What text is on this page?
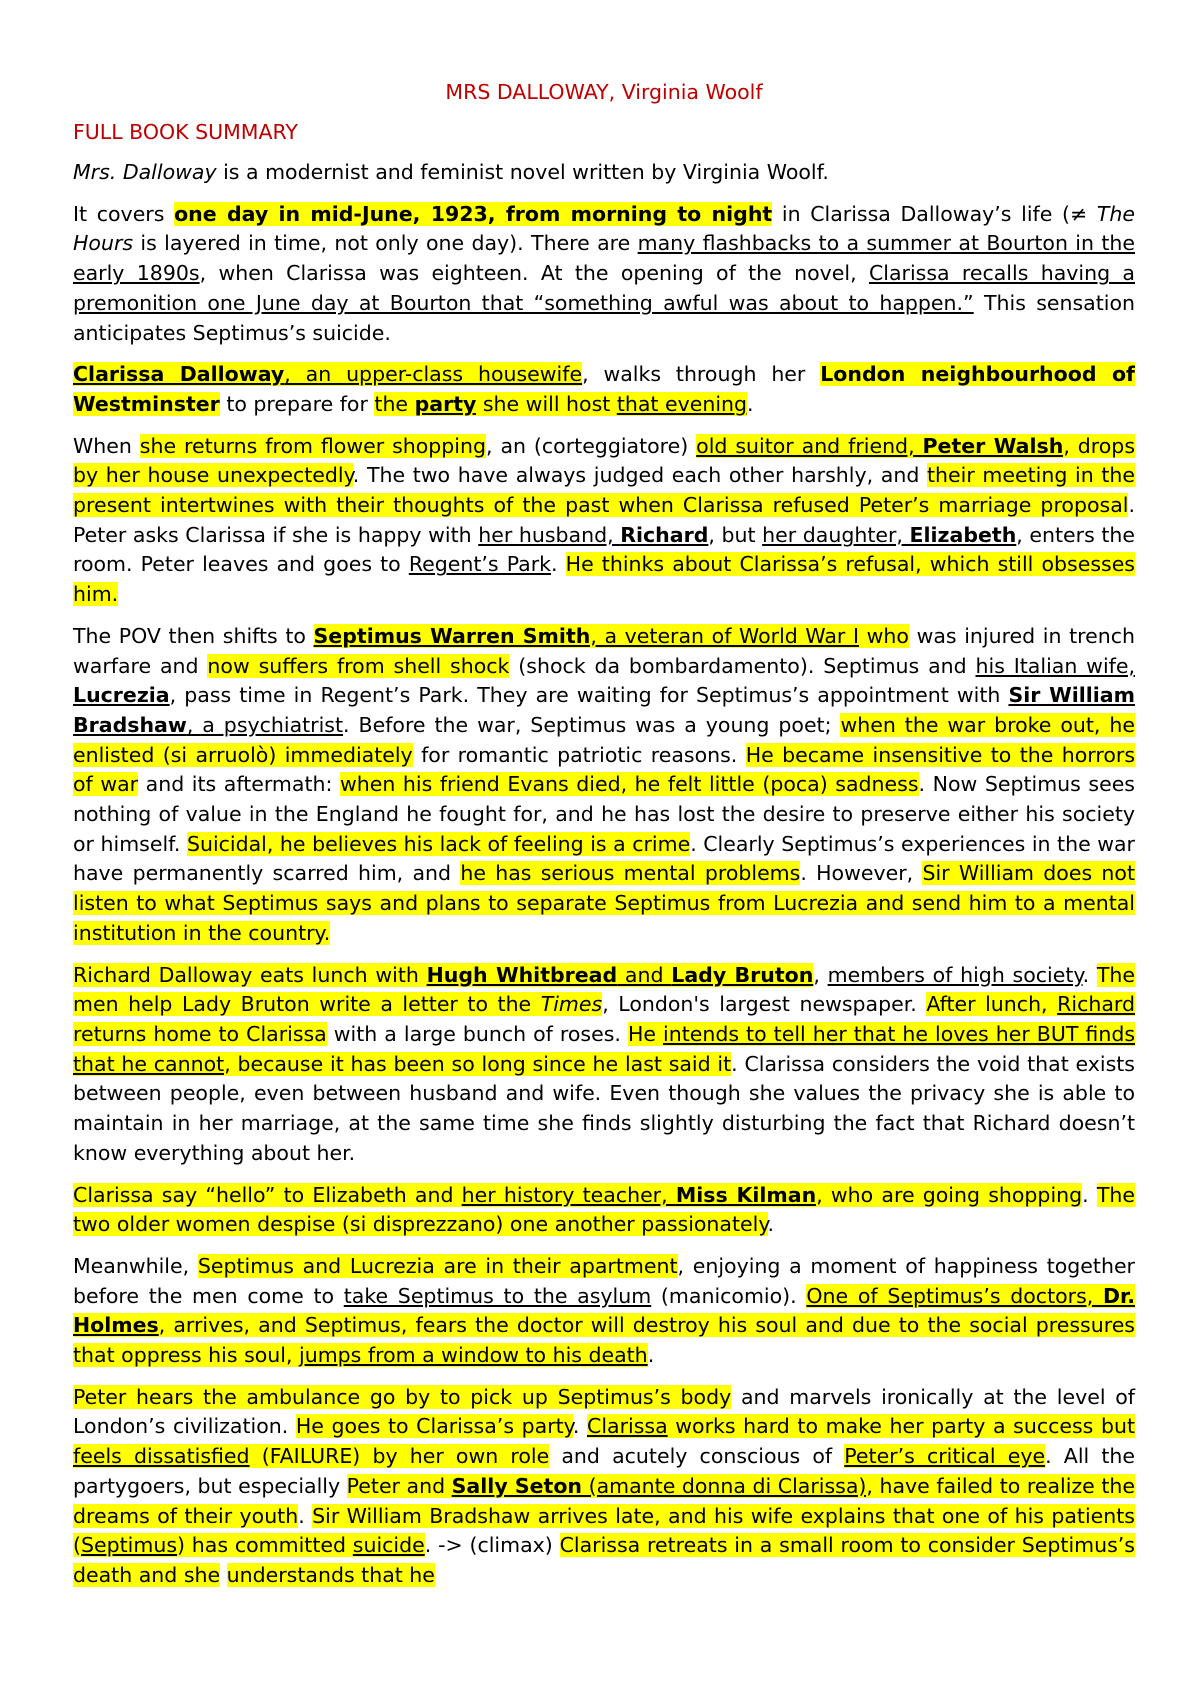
MRS DALLOWAY, Virginia Woolf
FULL BOOK SUMMARY

Mrs. Dalloway is a modernist and feminist novel written by Virginia Woolf.

It covers one day in mid-June, 1923, from morning to night in Clarissa Dalloway’s life (≠ The Hours is layered in time, not only one day). There are many flashbacks to a summer at Bourton in the early 1890s, when Clarissa was eighteen. At the opening of the novel, Clarissa recalls having a premonition one June day at Bourton that “something awful was about to happen.” This sensation anticipates Septimus’s suicide.

Clarissa Dalloway, an upper-class housewife, walks through her London neighbourhood of Westminster to prepare for the party she will host that evening.

When she returns from flower shopping, an (corteggiatore) old suitor and friend, Peter Walsh, drops by her house unexpectedly. The two have always judged each other harshly, and their meeting in the present intertwines with their thoughts of the past when Clarissa refused Peter’s marriage proposal. Peter asks Clarissa if she is happy with her husband, Richard, but her daughter, Elizabeth, enters the room. Peter leaves and goes to Regent’s Park. He thinks about Clarissa’s refusal, which still obsesses him.

The POV then shifts to Septimus Warren Smith, a veteran of World War I who was injured in trench warfare and now suffers from shell shock (shock da bombardamento). Septimus and his Italian wife, Lucrezia, pass time in Regent’s Park. They are waiting for Septimus’s appointment with Sir William Bradshaw, a psychiatrist. Before the war, Septimus was a young poet; when the war broke out, he enlisted (si arruolò) immediately for romantic patriotic reasons. He became insensitive to the horrors of war and its aftermath: when his friend Evans died, he felt little (poca) sadness. Now Septimus sees nothing of value in the England he fought for, and he has lost the desire to preserve either his society or himself. Suicidal, he believes his lack of feeling is a crime. Clearly Septimus’s experiences in the war have permanently scarred him, and he has serious mental problems. However, Sir William does not listen to what Septimus says and plans to separate Septimus from Lucrezia and send him to a mental institution in the country.

Richard Dalloway eats lunch with Hugh Whitbread and Lady Bruton, members of high society. The men help Lady Bruton write a letter to the Times, London's largest newspaper. After lunch, Richard returns home to Clarissa with a large bunch of roses. He intends to tell her that he loves her BUT finds that he cannot, because it has been so long since he last said it. Clarissa considers the void that exists between people, even between husband and wife. Even though she values the privacy she is able to maintain in her marriage, at the same time she finds slightly disturbing the fact that Richard doesn’t know everything about her.

Clarissa say “hello” to Elizabeth and her history teacher, Miss Kilman, who are going shopping. The two older women despise (si disprezzano) one another passionately.

Meanwhile, Septimus and Lucrezia are in their apartment, enjoying a moment of happiness together before the men come to take Septimus to the asylum (manicomio). One of Septimus’s doctors, Dr. Holmes, arrives, and Septimus, fears the doctor will destroy his soul and due to the social pressures that oppress his soul, jumps from a window to his death.

Peter hears the ambulance go by to pick up Septimus’s body and marvels ironically at the level of London’s civilization. He goes to Clarissa’s party. Clarissa works hard to make her party a success but feels dissatisfied (FAILURE) by her own role and acutely conscious of Peter’s critical eye. All the partygoers, but especially Peter and Sally Seton (amante donna di Clarissa), have failed to realize the dreams of their youth. Sir William Bradshaw arrives late, and his wife explains that one of his patients (Septimus) has committed suicide. -> (climax) Clarissa retreats in a small room to consider Septimus’s death and she understands that he
